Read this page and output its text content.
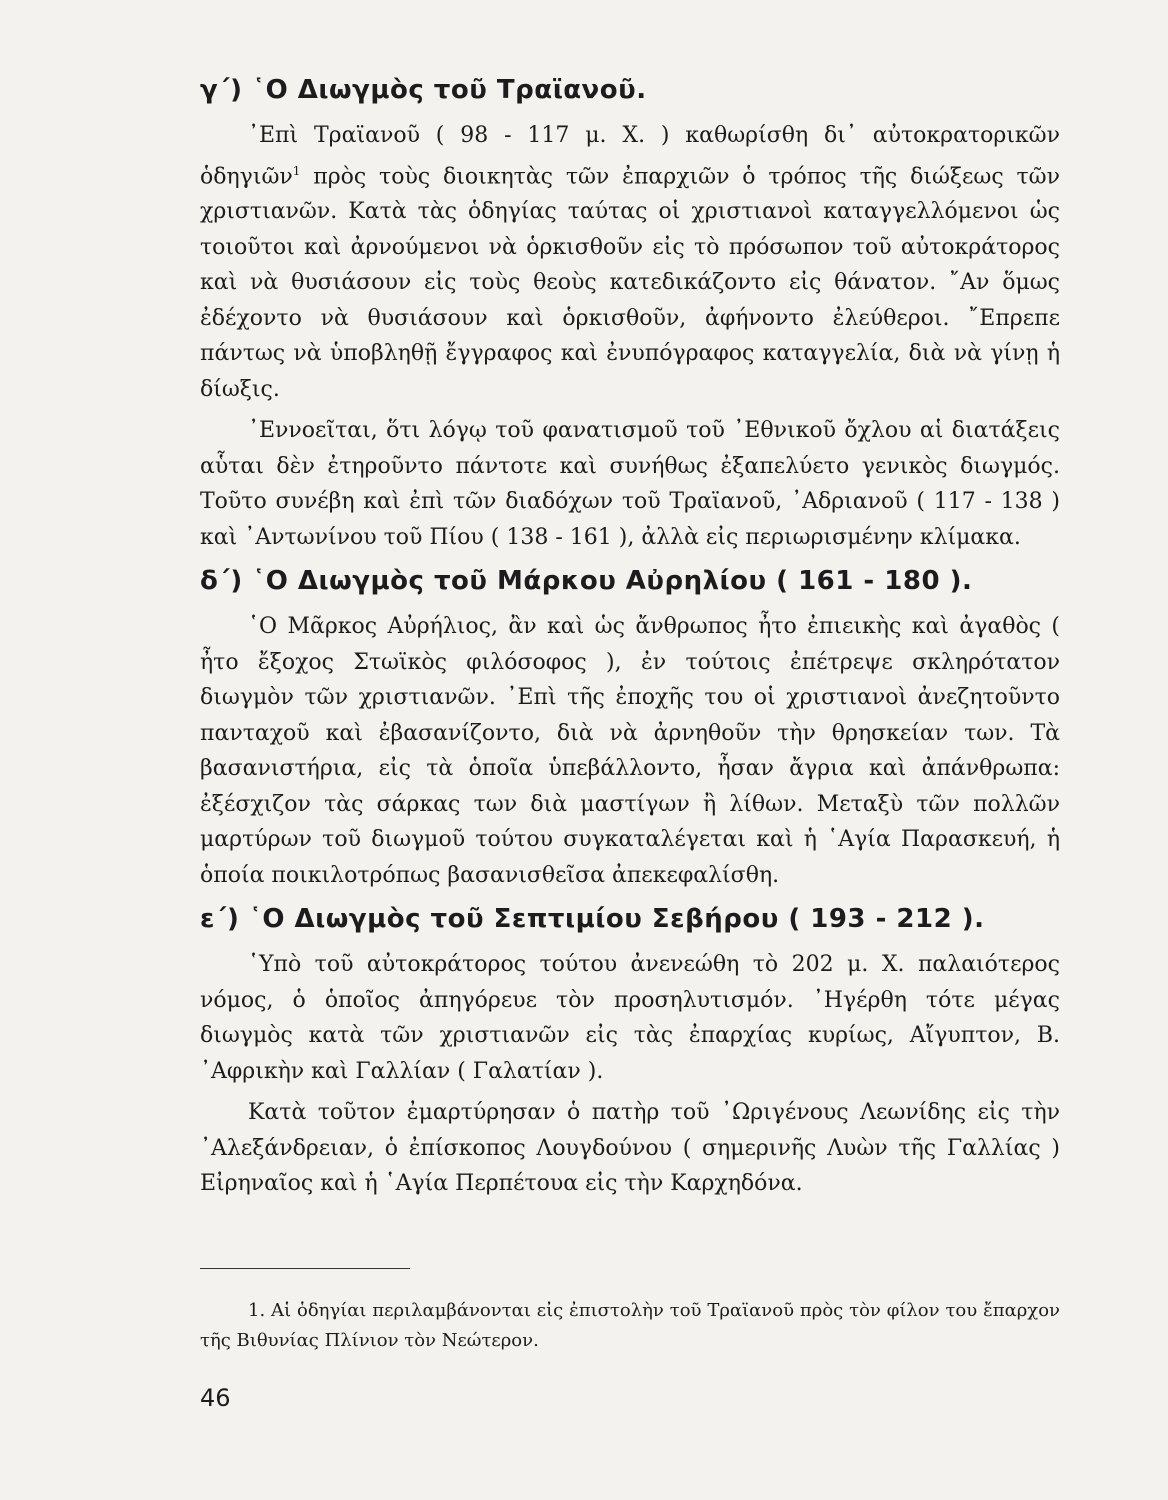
γ΄) ῾Ο Διωγμὸς τοῦ Τραϊανοῦ.

᾿Επὶ Τραϊανοῦ ( 98 - 117 μ. Χ. ) καθωρίσθη δι᾿ αὐτοκρατορικῶν ὁδηγιῶν$^1$ πρὸς τοὺς διοικητὰς τῶν ἐπαρχιῶν ὁ τρόπος τῆς διώξεως τῶν χριστιανῶν. Κατὰ τὰς ὁδηγίας ταύτας οἱ χριστιανοὶ καταγγελλόμενοι ὡς τοιοῦτοι καὶ ἀρνούμενοι νὰ ὁρκισθοῦν εἰς τὸ πρόσωπον τοῦ αὐτοκράτορος καὶ νὰ θυσιάσουν εἰς τοὺς θεοὺς κατεδικάζοντο εἰς θάνατον. ῎Αν ὅμως ἐδέχοντο νὰ θυσιάσουν καὶ ὁρκισθοῦν, ἀφήνοντο ἐλεύθεροι. ῎Επρεπε πάντως νὰ ὑποβληθῇ ἔγγραφος καὶ ἐνυπόγραφος καταγγελία, διὰ νὰ γίνῃ ἡ δίωξις.

᾿Εννοεῖται, ὅτι λόγῳ τοῦ φανατισμοῦ τοῦ ᾿Εθνικοῦ ὄχλου αἱ διατάξεις αὗται δὲν ἐτηροῦντο πάντοτε καὶ συνήθως ἐξαπελύετο γενικὸς διωγμός. Τοῦτο συνέβη καὶ ἐπὶ τῶν διαδόχων τοῦ Τραϊανοῦ, ᾿Αδριανοῦ ( 117 - 138 ) καὶ ᾿Αντωνίνου τοῦ Πίου ( 138 - 161 ), ἀλλὰ εἰς περιωρισμένην κλίμακα.

δ΄) ῾Ο Διωγμὸς τοῦ Μάρκου Αὐρηλίου ( 161 - 180 ).

῾Ο Μᾶρκος Αὐρήλιος, ἂν καὶ ὡς ἄνθρωπος ἦτο ἐπιεικὴς καὶ ἀγαθὸς ( ἦτο ἔξοχος Στωϊκὸς φιλόσοφος ), ἐν τούτοις ἐπέτρεψε σκληρότατον διωγμὸν τῶν χριστιανῶν. ᾿Επὶ τῆς ἐποχῆς του οἱ χριστιανοὶ ἀνεζητοῦντο πανταχοῦ καὶ ἐβασανίζοντο, διὰ νὰ ἀρνηθοῦν τὴν θρησκείαν των. Τὰ βασανιστήρια, εἰς τὰ ὁποῖα ὑπεβάλλοντο, ἦσαν ἄγρια καὶ ἀπάνθρωπα: ἐξέσχιζον τὰς σάρκας των διὰ μαστίγων ἢ λίθων. Μεταξὺ τῶν πολλῶν μαρτύρων τοῦ διωγμοῦ τούτου συγκαταλέγεται καὶ ἡ ῾Αγία Παρασκευή, ἡ ὁποία ποικιλοτρόπως βασανισθεῖσα ἀπεκεφαλίσθη.

ε΄) ῾Ο Διωγμὸς τοῦ Σεπτιμίου Σεβήρου ( 193 - 212 ).

῾Υπὸ τοῦ αὐτοκράτορος τούτου ἀνενεώθη τὸ 202 μ. Χ. παλαιότερος νόμος, ὁ ὁποῖος ἀπηγόρευε τὸν προσηλυτισμόν. ᾿Ηγέρθη τότε μέγας διωγμὸς κατὰ τῶν χριστιανῶν εἰς τὰς ἐπαρχίας κυρίως, Αἴγυπτον, Β. ᾿Αφρικὴν καὶ Γαλλίαν ( Γαλατίαν ).

Κατὰ τοῦτον ἐμαρτύρησαν ὁ πατὴρ τοῦ ᾿Ωριγένους Λεωνίδης εἰς τὴν ᾿Αλεξάνδρειαν, ὁ ἐπίσκοπος Λουγδούνου ( σημερινῆς Λυὼν τῆς Γαλλίας ) Εἰρηναῖος καὶ ἡ ῾Αγία Περπέτουα εἰς τὴν Καρχηδόνα.

1. Αἱ ὁδηγίαι περιλαμβάνονται εἰς ἐπιστολὴν τοῦ Τραϊανοῦ πρὸς τὸν φίλον του ἔπαρχον τῆς Βιθυνίας Πλίνιον τὸν Νεώτερον.

46
